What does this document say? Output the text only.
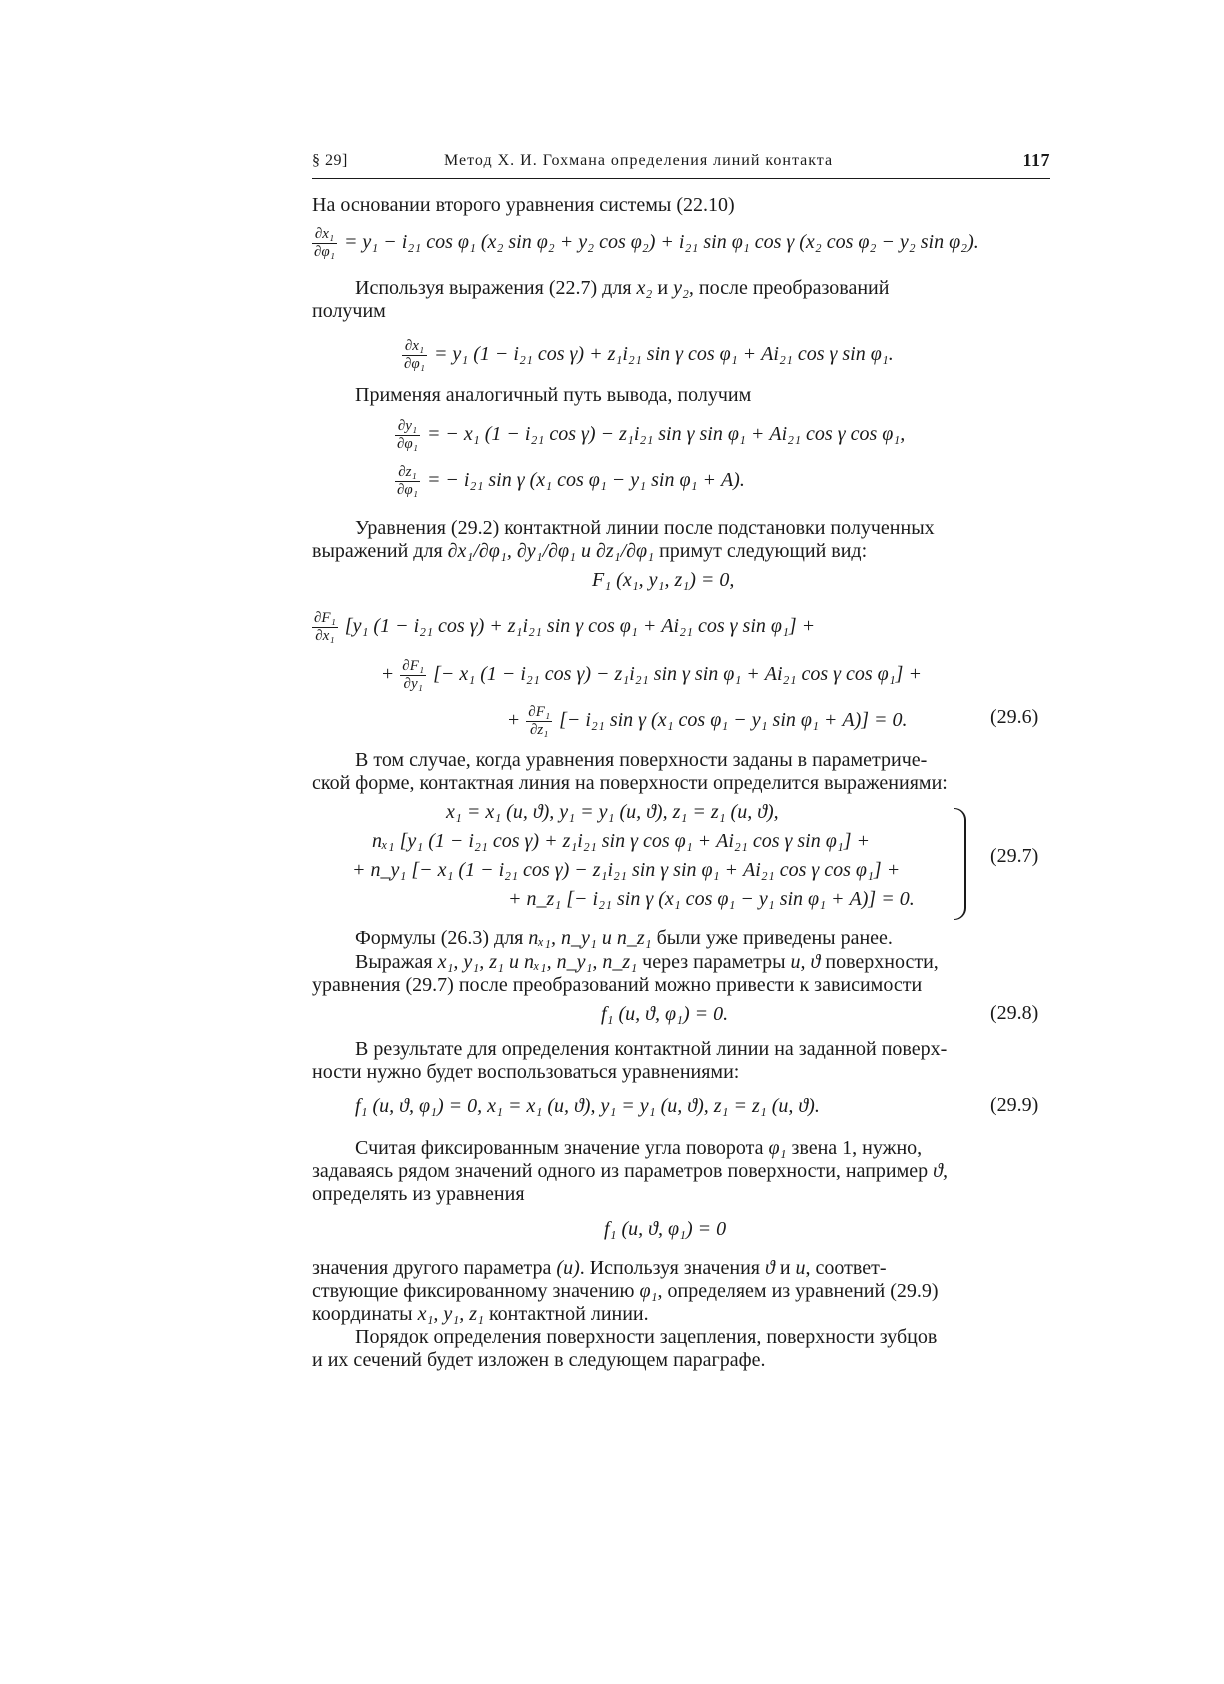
§ 29]	Метод Х. И. Гохмана определения линий контакта	117
На основании второго уравнения системы (22.10)
$\frac{\text{∂x₁}}{\text{∂φ₁}} = y_1 - i_{21}$ cos φ₁ (x₂ sin φ₂ + y₂ cos φ₂) + i₂₁ sin φ₁ cos γ (x₂ cos φ₂ − y₂ sin φ₂).
Используя выражения (22.7) для x₂ и y₂, после преобразований
получим
$\frac{\text{∂x₁}}{\text{∂φ₁}} = y_1$ (1 − i₂₁ cos γ) + z₁i₂₁ sin γ cos φ₁ + Ai₂₁ cos γ sin φ₁.
Применяя аналогичный путь вывода, получим
$\frac{\text{∂y₁}}{\text{∂φ₁}}$ = − x₁ (1 − i₂₁ cos γ) − z₁i₂₁ sin γ sin φ₁ + Ai₂₁ cos γ cos φ₁,
$\frac{\text{∂z₁}}{\text{∂φ₁}}$ = − i₂₁ sin γ (x₁ cos φ₁ − y₁ sin φ₁ + A).
Уравнения (29.2) контактной линии после подстановки полученных
выражений для ∂x₁/∂φ₁, ∂y₁/∂φ₁ и ∂z₁/∂φ₁ примут следующий вид:
F₁ (x₁, y₁, z₁) = 0,
$\frac{\text{∂F₁}}{\text{∂x₁}} [y_1$ (1 − i₂₁ cos γ) + z₁i₂₁ sin γ cos φ₁ + Ai₂₁ cos γ sin φ₁] +
+ $\frac{\text{∂F₁}}{\text{∂y₁}}$ [− x₁ (1 − i₂₁ cos γ) − z₁i₂₁ sin γ sin φ₁ + Ai₂₁ cos γ cos φ₁] +
+ $\frac{\text{∂F₁}}{\text{∂z₁}}$ [− i₂₁ sin γ (x₁ cos φ₁ − y₁ sin φ₁ + A)] = 0.	(29.6)
В том случае, когда уравнения поверхности заданы в параметриче-
ской форме, контактная линия на поверхности определится выражениями:
x₁ = x₁ (u, ϑ), y₁ = y₁ (u, ϑ), z₁ = z₁ (u, ϑ),
nₓ₁ [y₁ (1 − i₂₁ cos γ) + z₁i₂₁ sin γ cos φ₁ + Ai₂₁ cos γ sin φ₁] +
+ n_y₁ [− x₁ (1 − i₂₁ cos γ) − z₁i₂₁ sin γ sin φ₁ + Ai₂₁ cos γ cos φ₁] +
+ n_z₁ [− i₂₁ sin γ (x₁ cos φ₁ − y₁ sin φ₁ + A)] = 0.
(29.7)
Формулы (26.3) для nₓ₁, n_y₁ и n_z₁ были уже приведены ранее.
Выражая x₁, y₁, z₁ и nₓ₁, n_y₁, n_z₁ через параметры u, ϑ поверхности,
уравнения (29.7) после преобразований можно привести к зависимости
f₁ (u, ϑ, φ₁) = 0.	(29.8)
В результате для определения контактной линии на заданной поверх-
ности нужно будет воспользоваться уравнениями:
f₁ (u, ϑ, φ₁) = 0, x₁ = x₁ (u, ϑ), y₁ = y₁ (u, ϑ), z₁ = z₁ (u, ϑ).	(29.9)
Считая фиксированным значение угла поворота φ₁ звена 1, нужно,
задаваясь рядом значений одного из параметров поверхности, например ϑ,
определять из уравнения
f₁ (u, ϑ, φ₁) = 0
значения другого параметра (u). Используя значения ϑ и u, соответ-
ствующие фиксированному значению φ₁, определяем из уравнений (29.9)
координаты x₁, y₁, z₁ контактной линии.
Порядок определения поверхности зацепления, поверхности зубцов
и их сечений будет изложен в следующем параграфе.
